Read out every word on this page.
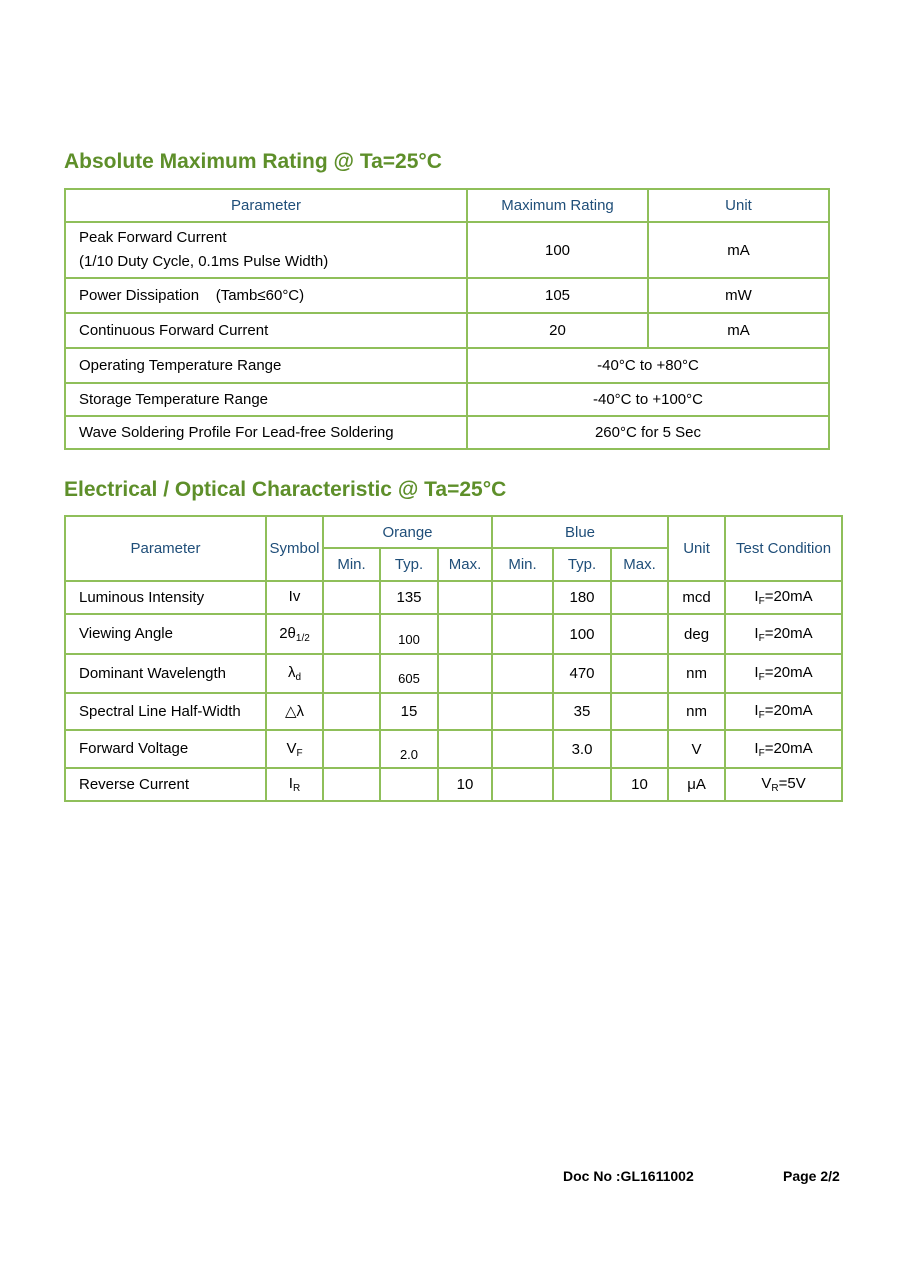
Absolute Maximum Rating @ Ta=25°C
Parameter	Maximum Rating	Unit

Peak Forward Current
(1/10 Duty Cycle, 0.1ms Pulse Width)	100	mA
Power Dissipation    (Tamb≤60°C)	105	mW
Continuous Forward Current	20	mA
Operating Temperature Range	-40°C to +80°C	
Storage Temperature Range	-40°C to +100°C	
Wave Soldering Profile For Lead-free Soldering	260°C for 5 Sec	
Electrical / Optical Characteristic @ Ta=25°C
Parameter	Symbol	Orange			Blue			Unit	Test Condition
		Min.	Typ.	Max.	Min.	Typ.	Max.		
Luminous Intensity	Iv		135			180		mcd	$I_F=20mA$
Viewing Angle	$2\theta_{1/2}$		100			100		deg	$I_F=20mA$
Dominant Wavelength	$\lambda_d$		605			470		nm	$I_F=20mA$
Spectral Line Half-Width	△λ		15			35		nm	$I_F=20mA$
Forward Voltage	$V_F$		2.0			3.0		V	$I_F=20mA$
Reverse Current	$I_R$			10			10	μA	$V_R=5V$
Doc No :GL1611002	Page 2/2
